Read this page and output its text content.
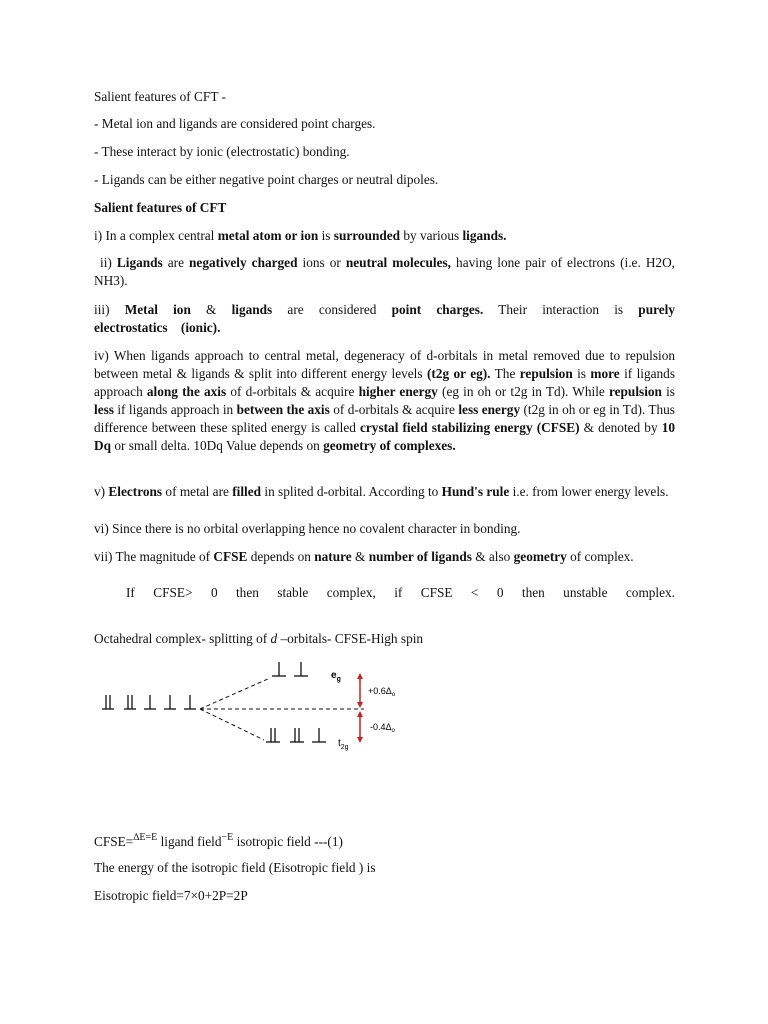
Salient features of CFT -

- Metal ion and ligands are considered point charges.

- These interact by ionic (electrostatic) bonding.

- Ligands can be either negative point charges or neutral dipoles.

Salient features of CFT

i) In a complex central metal atom or ion is surrounded by various ligands.

ii) Ligands are negatively charged ions or neutral molecules, having lone pair of electrons (i.e. H2O, NH3).

iii) Metal ion & ligands are considered point charges. Their interaction is purely electrostatics (ionic).

iv) When ligands approach to central metal, degeneracy of d-orbitals in metal removed due to repulsion between metal & ligands & split into different energy levels (t2g or eg). The repulsion is more if ligands approach along the axis of d-orbitals & acquire higher energy (eg in oh or t2g in Td). While repulsion is less if ligands approach in between the axis of d-orbitals & acquire less energy (t2g in oh or eg in Td). Thus difference between these splited energy is called crystal field stabilizing energy (CFSE) & denoted by 10 Dq or small delta. 10Dq Value depends on geometry of complexes.

v) Electrons of metal are filled in splited d-orbital. According to Hund's rule i.e. from lower energy levels.

vi) Since there is no orbital overlapping hence no covalent character in bonding.

vii) The magnitude of CFSE depends on nature & number of ligands & also geometry of complex.

If CFSE> 0 then stable complex, if CFSE < 0 then unstable complex.

Octahedral complex- splitting of d –orbitals- CFSE-High spin

$e_g$
$t_{2g}$
$+0.6\Delta_o$
$-0.4\Delta_o$

CFSE=$^{\Delta E=E}$ ligand field$^{-E}$ isotropic field ---(1)

The energy of the isotropic field (Eisotropic field ) is

Eisotropic field=7×0+2P=2P
